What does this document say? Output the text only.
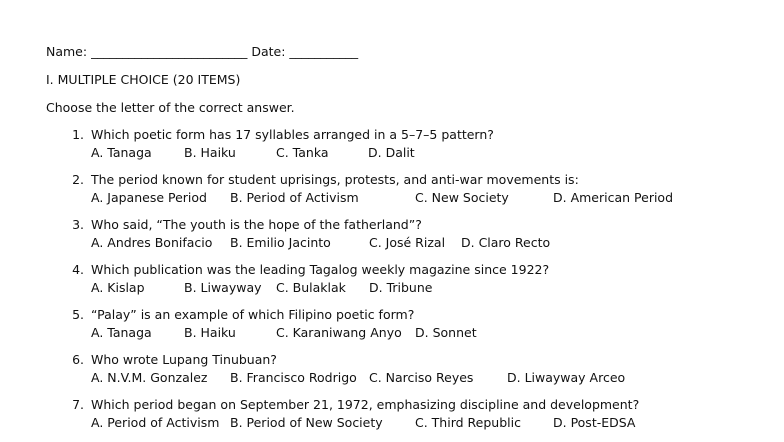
Name: _________________________ Date: ___________
I. MULTIPLE CHOICE (20 ITEMS)
Choose the letter of the correct answer.
1. Which poetic form has 17 syllables arranged in a 5–7–5 pattern?
A. Tanaga	B. Haiku	C. Tanka	D. Dalit
2. The period known for student uprisings, protests, and anti-war movements is:
A. Japanese Period B. Period of Activism	C. New Society	D. American Period
3. Who said, “The youth is the hope of the fatherland”?
A. Andres Bonifacio B. Emilio Jacinto	C. José Rizal D. Claro Recto
4. Which publication was the leading Tagalog weekly magazine since 1922?
A. Kislap	B. Liwayway C. Bulaklak D. Tribune
5. “Palay” is an example of which Filipino poetic form?
A. Tanaga	B. Haiku	C. Karaniwang Anyo D. Sonnet
6. Who wrote Lupang Tinubuan?
A. N.V.M. Gonzalez B. Francisco Rodrigo C. Narciso Reyes	D. Liwayway Arceo
7. Which period began on September 21, 1972, emphasizing discipline and development?
A. Period of Activism B. Period of New Society	C. Third Republic	D. Post-EDSA
